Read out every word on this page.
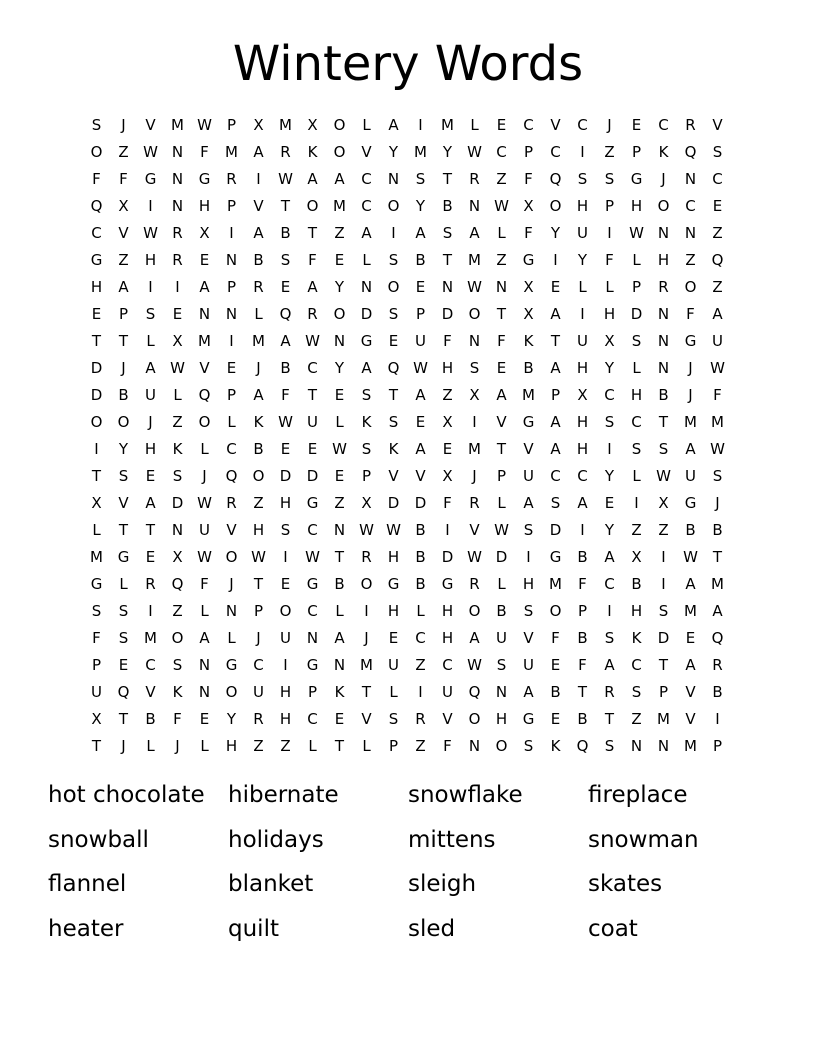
Wintery Words
S	J	V	M W	P	X	M	X	O	L	A	I	M	L	E	C	V	C	J	E	C	R	V
O	Z W N	F	M	A	R	K	O	V	Y	M	Y	W C	P	C	I	Z	P	K	Q	S
F	F	G	N	G	R	I	W A	A	C	N	S	T	R	Z	F	Q	S	S	G	J	N	C
Q	X	I	N	H	P	V	T	O M	C	O	Y	B	N W X	O	H	P	H	O	C	E
C	V W R	X	I	A	B	T	Z	A	I	A	S	A	L	F	Y	U	I	W N	N	Z
G	Z	H	R	E	N	B	S	F	E	L	S	B	T	M	Z	G	I	Y	F	L	H	Z	Q
H	A	I	I	A	P	R	E	A	Y	N	O	E	N W N	X	E	L	L	P	R	O	Z
E	P	S	E	N	N	L	Q	R	O	D	S	P	D	O	T	X	A	I	H	D	N	F	A
T	T	L	X	M	I	M	A W N	G	E	U	F	N	F	K	T	U	X	S	N	G	U
D	J	A W V	E	J	B	C	Y	A	Q W H	S	E	B	A	H	Y	L	N	J	W
D	B	U	L	Q	P	A	F	T	E	S	T	A	Z	X	A	M	P	X	C	H	B	J	F
O	O	J	Z	O	L	K W U	L	K	S	E	X	I	V	G	A	H	S	C	T	M M
I	Y	H	K	L	C	B	E	E W S	K	A	E	M	T	V	A	H	I	S	S	A W
T	S	E	S	J	Q	O	D	D	E	P	V	V	X	J	P	U	C	C	Y	L	W U	S
X	V	A	D W R	Z	H	G	Z	X	D	D	F	R	L	A	S	A	E	I	X	G	J
L	T	T	N	U	V	H	S	C	N W W B	I	V W S	D	I	Y	Z	Z	B	B
M G	E	X W O W	I	W T	R	H	B	D W D	I	G	B	A	X	I	W T
G	L	R	Q	F	J	T	E	G	B	O	G	B	G	R	L	H M	F	C	B	I	A	M
S	S	I	Z	L	N	P	O	C	L	I	H	L	H	O	B	S	O	P	I	H	S	M	A
F	S	M O	A	L	J	U	N	A	J	E	C	H	A	U	V	F	B	S	K	D	E	Q
P	E	C	S	N	G	C	I	G	N M	U	Z	C W S	U	E	F	A	C	T	A	R
U	Q	V	K	N	O	U	H	P	K	T	L	I	U	Q	N	A	B	T	R	S	P	V	B
X	T	B	F	E	Y	R	H	C	E	V	S	R	V	O	H	G	E	B	T	Z	M	V	I
T	J	L	J	L	H	Z	Z	L	T	L	P	Z	F	N	O	S	K	Q	S	N	N M	P
hot chocolate	hibernate	snowflake	fireplace
snowball	holidays	mittens	snowman
flannel	blanket	sleigh	skates
heater	quilt	sled	coat
